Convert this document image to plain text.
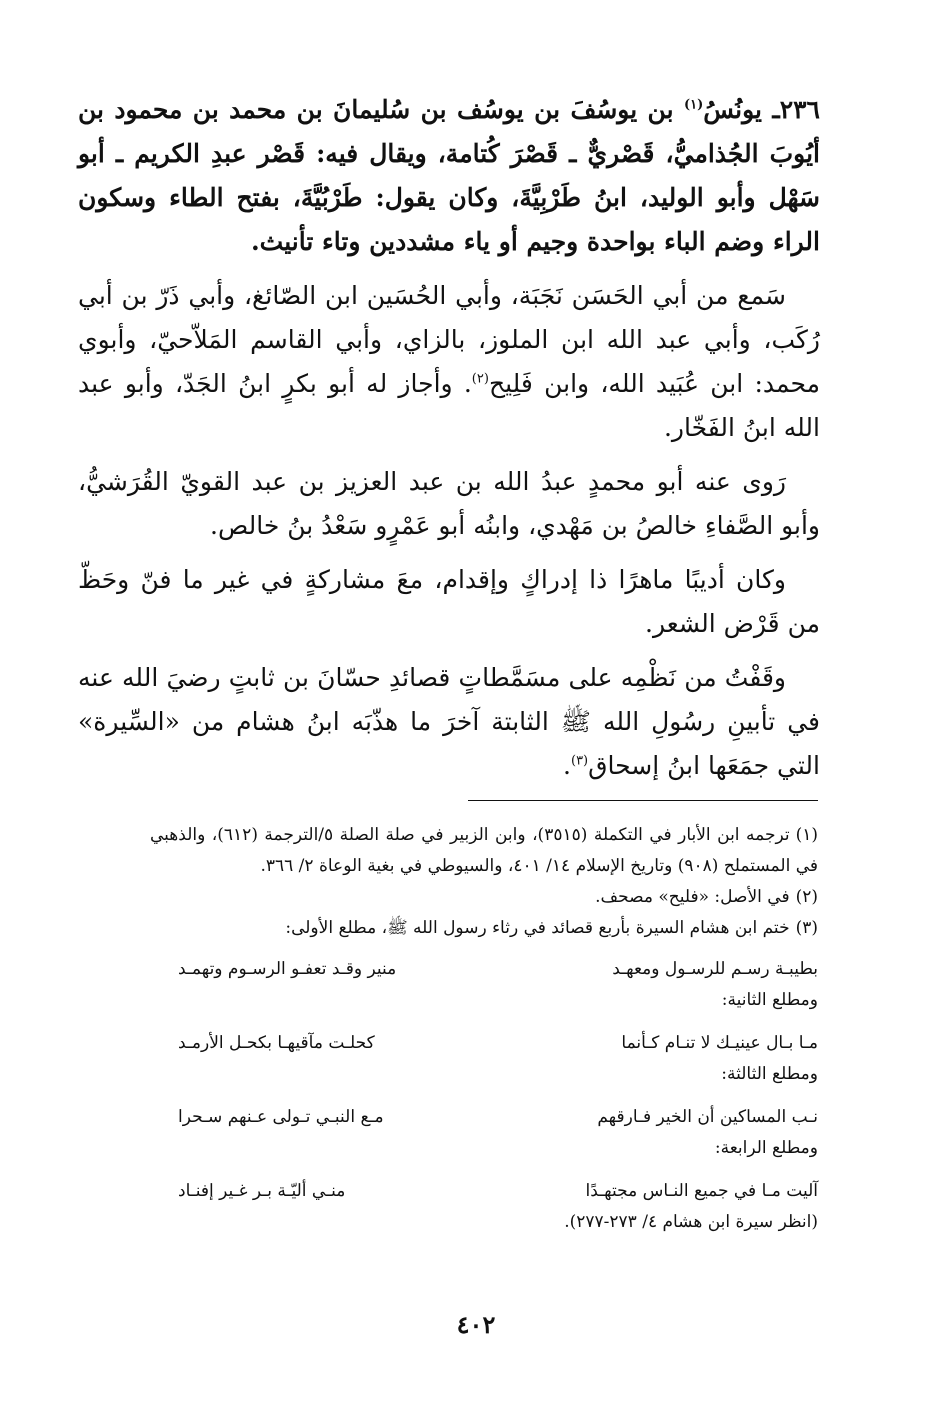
٢٣٦ـ يونُسُ$^{(١)}$ بن يوسُفَ بن يوسُف بن سُليمانَ بن محمد بن محمود بن أيُوبَ الجُذاميُّ، قَصْريٌّ ـ قَصْرَ كُتامة، ويقال فيه: قَصْر عبدِ الكريم ـ أبو سَهْل وأبو الوليد، ابنُ طَرْبِيَّةَ، وكان يقول: طَرْبُيَّةَ، بفتح الطاء وسكون الراء وضم الباء بواحدة وجيم أو ياء مشددين وتاء تأنيث.

سَمع من أبي الحَسَن نَجَبَة، وأبي الحُسَين ابن الصّائغ، وأبي ذَرّ بن أبي رُكَب، وأبي عبد الله ابن الملوز، بالزاي، وأبي القاسم المَلاّحيّ، وأبوي محمد: ابن عُبَيد الله، وابن فَلِيح$^{(٢)}$. وأجاز له أبو بكرٍ ابنُ الجَدّ، وأبو عبد الله ابنُ الفَخّار.

رَوى عنه أبو محمدٍ عبدُ الله بن عبد العزيز بن عبد القويّ القُرَشيُّ، وأبو الصَّفاءِ خالصُ بن مَهْدي، وابنُه أبو عَمْرٍو سَعْدُ بنُ خالص.

وكان أديبًا ماهرًا ذا إدراكٍ وإقدام، معَ مشاركةٍ في غير ما فنّ وحَظّ من قَرْض الشعر.

وقَفْتُ من نَظْمِه على مسَمَّطاتٍ قصائدِ حسّانَ بن ثابتٍ رضيَ الله عنه في تأبينِ رسُولِ الله ﷺ الثابتة آخرَ ما هذّبَه ابنُ هشام من «السِّيرة» التي جمَعَها ابنُ إسحاق$^{(٣)}$.

(١)ترجمه ابن الأبار في التكملة (٣٥١٥)، وابن الزبير في صلة الصلة ٥/الترجمة (٦١٢)، والذهبي في المستملح (٩٠٨) وتاريخ الإسلام ١٤/ ٤٠١، والسيوطي في بغية الوعاة ٢/ ٣٦٦.

(٢)في الأصل: «فليح» مصحف.

(٣)ختم ابن هشام السيرة بأربع قصائد في رثاء رسول الله ﷺ، مطلع الأولى:

بطيبـة رسـم للرسـول ومعهـد
منير وقـد تعفـو الرسـوم وتهمـد

ومطلع الثانية:

مـا بـال عينيـك لا تنـام كـأنما
كحلـت مآقيهـا بكحـل الأرمـد

ومطلع الثالثة:

نـب المساكين أن الخير فـارقهم
مـع النبـي تـولى عـنهم سـحرا

ومطلع الرابعة:

آليت مـا في جميع النـاس مجتهـدًا
منـي أليّـة بـر غـير إفنـاد

(انظر سيرة ابن هشام ٤/ ٢٧٣-٢٧٧).

٤٠٢
